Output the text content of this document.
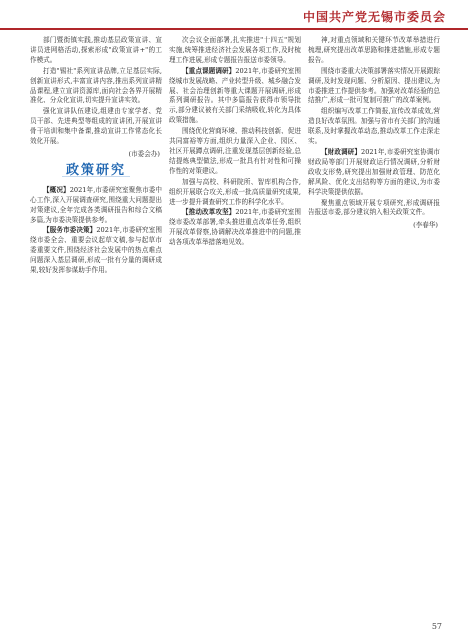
中国共产党无锡市委员会

部门暨街镇实践,推动基层政策宣讲、宣讲员进网格活动,探索形成"政策宣讲+"的工作模式。

打造"锡社"系列宣讲品牌,立足基层实际,创新宣讲形式,丰富宣讲内容,推出系列宣讲精品课程,建立宣讲资源库,面向社会各界开展精准化、分众化宣讲,切实提升宣讲实效。

强化宣讲队伍建设,组建由专家学者、党员干部、先进典型等组成的宣讲团,开展宣讲骨干培训和集中备课,推动宣讲工作常态化长效化开展。

(市委会办)
政策研究

【概况】2021年,市委研究室聚焦市委中心工作,深入开展调查研究,围绕重大问题提出对策建议,全年完成各类调研报告和综合文稿多篇,为市委决策提供参考。

【服务市委决策】2021年,市委研究室围绕市委全会、重要会议起草文稿,参与起草市委重要文件,围绕经济社会发展中的热点难点问题深入基层调研,形成一批有分量的调研成果,较好发挥参谋助手作用。

次会议全面部署,扎实推进"十四五"规划实施,统筹推进经济社会发展各项工作,及时梳理工作进展,形成专题报告报送市委领导。

【重点课题调研】2021年,市委研究室围绕城市发展战略、产业转型升级、城乡融合发展、社会治理创新等重大课题开展调研,形成系列调研报告。其中多篇报告获得市领导批示,部分建议被有关部门采纳吸收,转化为具体政策措施。

围绕优化营商环境、推动科技创新、促进共同富裕等方面,组织力量深入企业、园区、社区开展蹲点调研,注重发现基层创新经验,总结提炼典型做法,形成一批具有针对性和可操作性的对策建议。

加强与高校、科研院所、智库机构合作,组织开展联合攻关,形成一批高质量研究成果,进一步提升调查研究工作的科学化水平。

【推动改革攻坚】2021年,市委研究室围绕市委改革部署,牵头推进重点改革任务,组织开展改革督察,协调解决改革推进中的问题,推动各项改革举措落地见效。

神,对重点领域和关键环节改革举措进行梳理,研究提出改革思路和推进措施,形成专题报告。

围绕市委重大决策部署落实情况开展跟踪调研,及时发现问题、分析原因、提出建议,为市委推进工作提供参考。加强对改革经验的总结推广,形成一批可复制可推广的改革案例。

组织编写改革工作简报,宣传改革成效,营造良好改革氛围。加强与省市有关部门的沟通联系,及时掌握改革动态,推动改革工作走深走实。

【财政调研】2021年,市委研究室协调市财政局等部门开展财政运行情况调研,分析财政收支形势,研究提出加强财政管理、防范化解风险、优化支出结构等方面的建议,为市委科学决策提供依据。

聚焦重点领域开展专项研究,形成调研报告报送市委,部分建议纳入相关政策文件。

(李春华)
57
